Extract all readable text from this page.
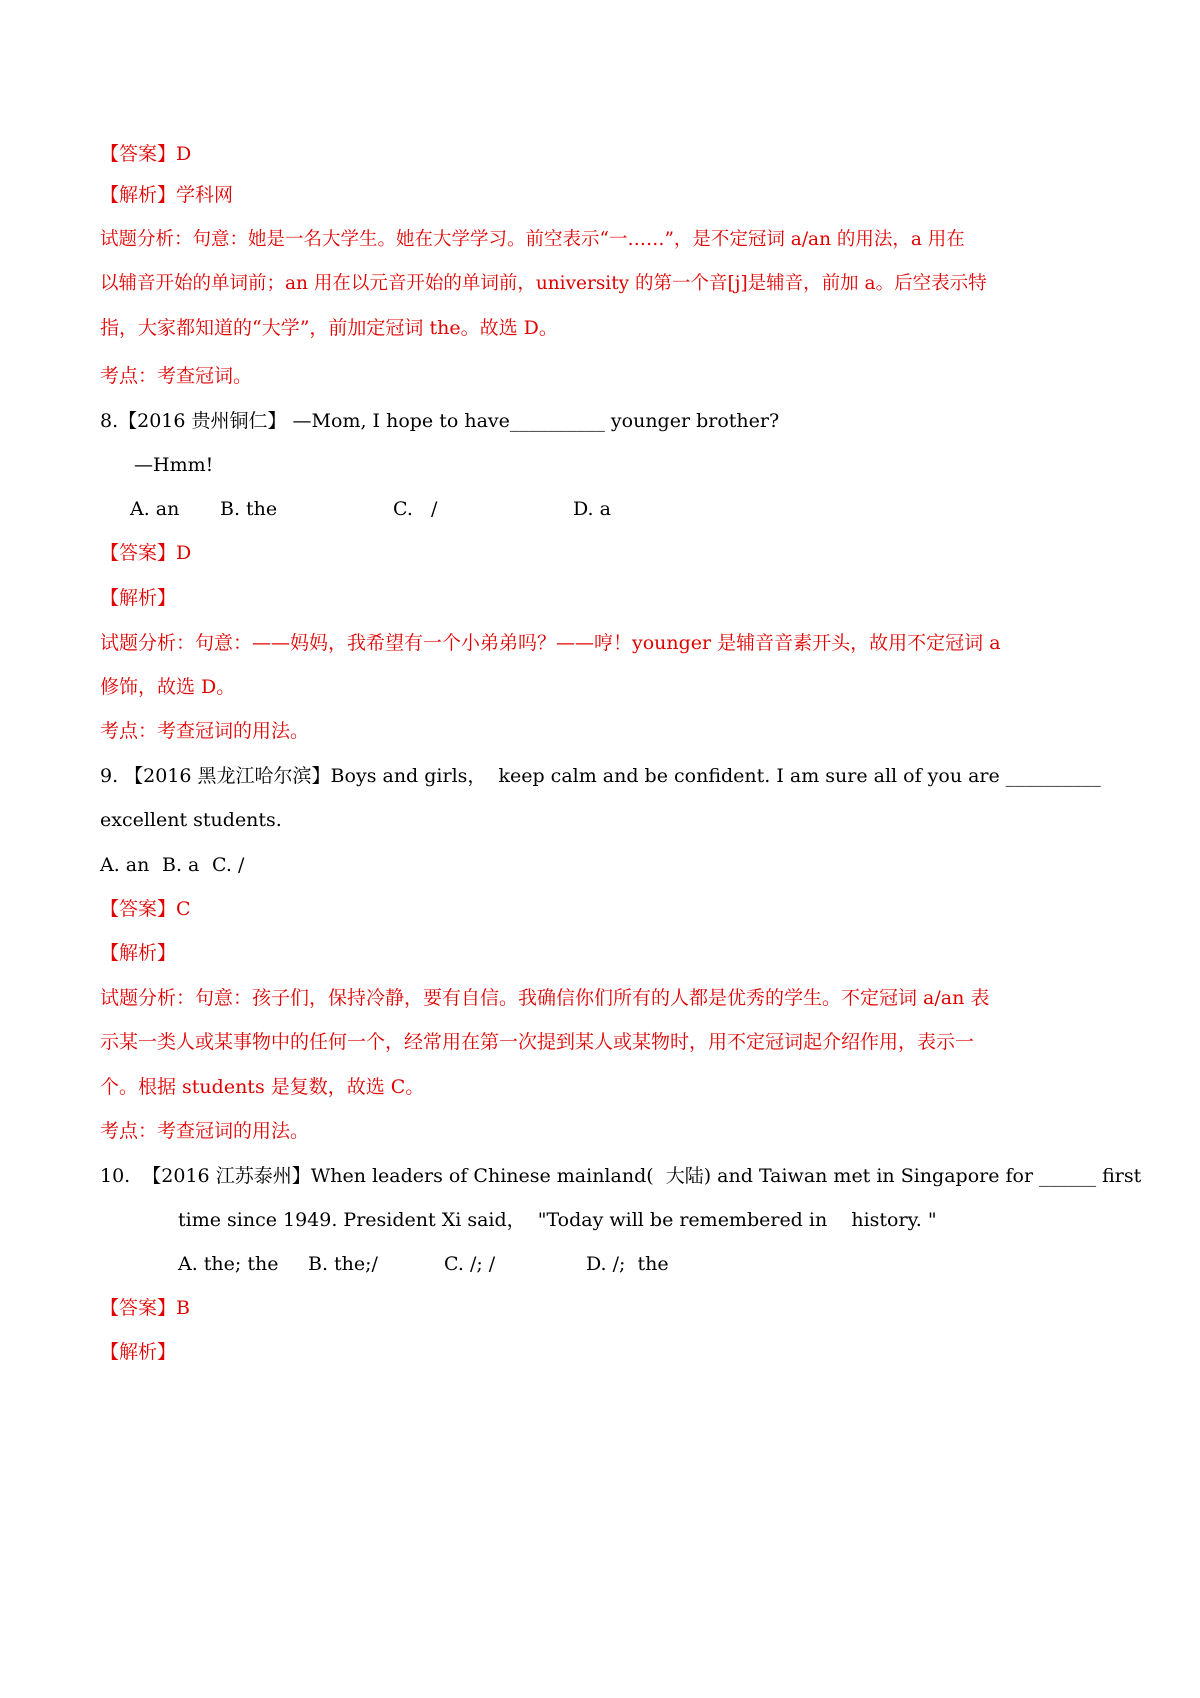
【答案】D
【解析】学科网
试题分析：句意：她是一名大学生。她在大学学习。前空表示“一……”，是不定冠词 a/an 的用法，a 用在
以辅音开始的单词前；an 用在以元音开始的单词前，university 的第一个音[j]是辅音，前加 a。后空表示特
指，大家都知道的“大学”，前加定冠词 the。故选 D。
考点：考查冠词。
8.【2016 贵州铜仁】 —Mom, I hope to have__________ younger brother?
—Hmm!
A. an B. the	C.   /	D. a
【答案】D
【解析】
试题分析：句意：——妈妈，我希望有一个小弟弟吗？——哼！younger 是辅音音素开头，故用不定冠词 a
修饰，故选 D。
考点：考查冠词的用法。
9. 【2016 黑龙江哈尔滨】Boys and girls，  keep calm and be confident. I am sure all of you are __________
excellent students.
A. an B. a C. /
【答案】C
【解析】
试题分析：句意：孩子们，保持冷静，要有自信。我确信你们所有的人都是优秀的学生。不定冠词 a/an 表
示某一类人或某事物中的任何一个，经常用在第一次提到某人或某物时，用不定冠词起介绍作用，表示一
个。根据 students 是复数，故选 C。
考点：考查冠词的用法。
10.  【2016 江苏泰州】When leaders of Chinese mainland(  大陆) and Taiwan met in Singapore for ______ first
time since 1949. President Xi said，  "Today will be remembered in    history. "
A. the; the B. the;/	C. /; /	D. /;  the
【答案】B
【解析】
